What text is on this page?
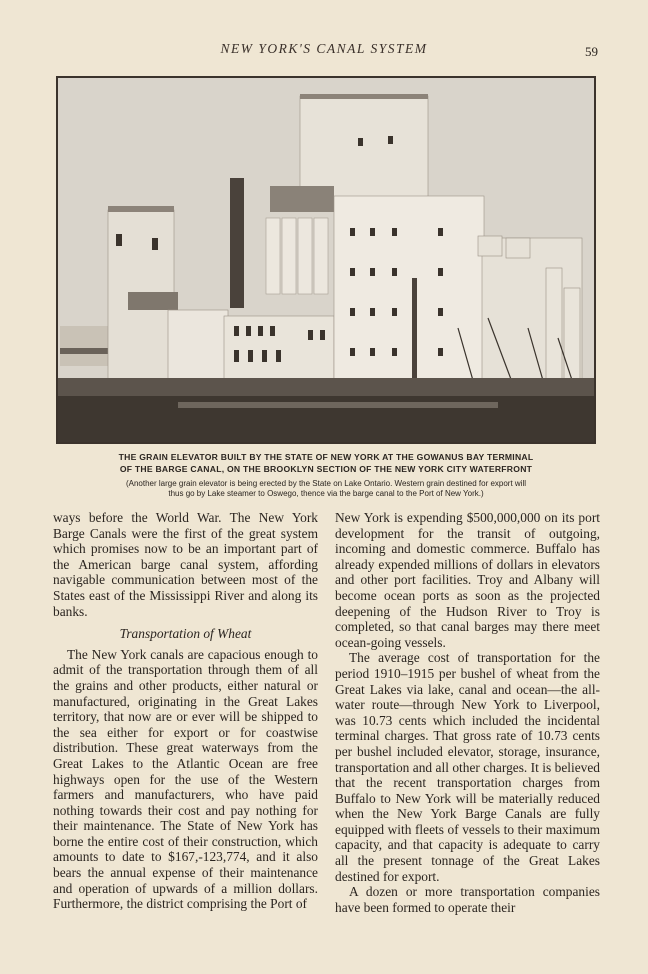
NEW YORK'S CANAL SYSTEM	59
THE GRAIN ELEVATOR BUILT BY THE STATE OF NEW YORK AT THE GOWANUS BAY TERMINAL
OF THE BARGE CANAL, ON THE BROOKLYN SECTION OF THE NEW YORK CITY WATERFRONT
(Another large grain elevator is being erected by the State on Lake Ontario. Western grain destined for export will
thus go by Lake steamer to Oswego, thence via the barge canal to the Port of New York.)

ways before the World War. The New York Barge Canals were the first of the great system which promises now to be an important part of the American barge canal system, affording navigable communication between most of the States east of the Mississippi River and along its banks.

Transportation of Wheat

The New York canals are capacious enough to admit of the transportation through them of all the grains and other products, either natural or manufactured, originating in the Great Lakes territory, that now are or ever will be shipped to the sea either for export or for coastwise distribution. These great waterways from the Great Lakes to the Atlantic Ocean are free highways open for the use of the Western farmers and manufacturers, who have paid nothing towards their cost and pay nothing for their maintenance. The State of New York has borne the entire cost of their construction, which amounts to date to $167,-123,774, and it also bears the annual expense of their maintenance and operation of upwards of a million dollars. Furthermore, the district comprising the Port of

New York is expending $500,000,000 on its port development for the transit of outgoing, incoming and domestic commerce. Buffalo has already expended millions of dollars in elevators and other port facilities. Troy and Albany will become ocean ports as soon as the projected deepening of the Hudson River to Troy is completed, so that canal barges may there meet ocean-going vessels.

The average cost of transportation for the period 1910–1915 per bushel of wheat from the Great Lakes via lake, canal and ocean—the all-water route—through New York to Liverpool, was 10.73 cents which included the incidental terminal charges. That gross rate of 10.73 cents per bushel included elevator, storage, insurance, transportation and all other charges. It is believed that the recent transportation charges from Buffalo to New York will be materially reduced when the New York Barge Canals are fully equipped with fleets of vessels to their maximum capacity, and that capacity is adequate to carry all the present tonnage of the Great Lakes destined for export.

A dozen or more transportation companies have been formed to operate their
